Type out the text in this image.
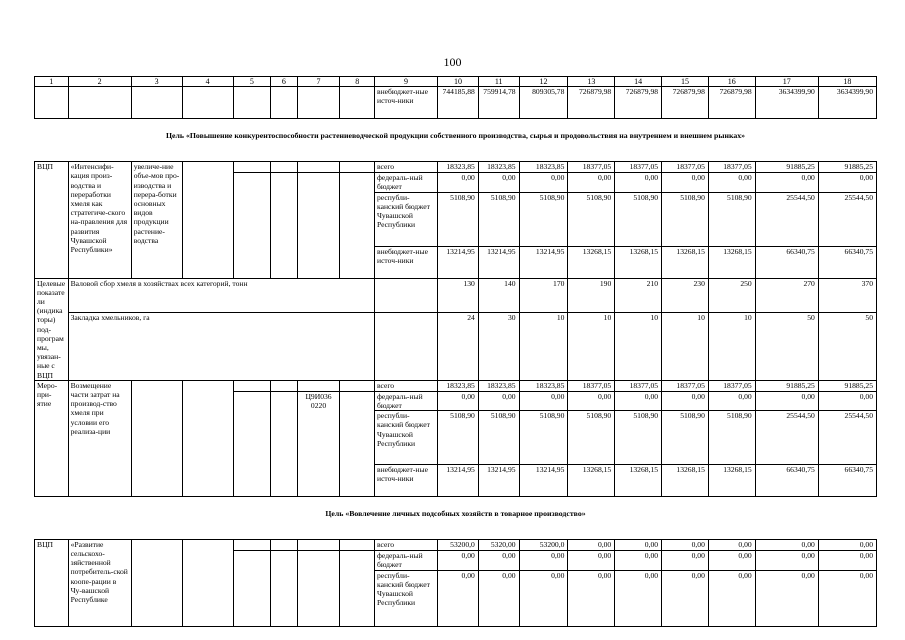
100
1	2	3	4	5	6	7	8	9	10	11	12	13	14	15	16	17	18
								внебюджет-ные источ-ники	744185,88	759914,78	809305,78	726879,98	726879,98	726879,98	726879,98	3634399,90	3634399,90

Цель «Повышение конкурентоспособности растениеводческой продукции собственного производства, сырья и продовольствия на внутреннем и внешнем рынках»																	

ВЦП	«Интенсифи-кация произ-водства и переработки хмеля как стратегиче-ского на-правления для развития Чувашской Республики»	увеличе-ние объе-мов про-изводства и перера-ботки основных видов продукции растение-водства						всего	18323,85	18323,85	18323,85	18377,05	18377,05	18377,05	18377,05	91885,25	91885,25
								федераль-ный бюджет	0,00	0,00	0,00	0,00	0,00	0,00	0,00	0,00	0,00
								республи-канский бюджет Чувашской Республики	5108,90	5108,90	5108,90	5108,90	5108,90	5108,90	5108,90	25544,50	25544,50
								внебюджет-ные источ-ники	13214,95	13214,95	13214,95	13268,15	13268,15	13268,15	13268,15	66340,75	66340,75
Целевые показатели (индикаторы) под-программы, увязан-ные с ВЦП	Валовой сбор хмеля в хозяйствах всех категорий, тонн								130	140	170	190	210	230	250	270	370
	Закладка хмельников, га								24	30	10	10	10	10	10	50	50
Меро-при-ятие	Возмещение части затрат на производ-ство хмеля при условии его реализа-ции							всего	18323,85	18323,85	18323,85	18377,05	18377,05	18377,05	18377,05	91885,25	91885,25
						Ц9И036 0220		федераль-ный бюджет	0,00	0,00	0,00	0,00	0,00	0,00	0,00	0,00	0,00
								республи-канский бюджет Чувашской Республики	5108,90	5108,90	5108,90	5108,90	5108,90	5108,90	5108,90	25544,50	25544,50
								внебюджет-ные источ-ники	13214,95	13214,95	13214,95	13268,15	13268,15	13268,15	13268,15	66340,75	66340,75

Цель «Вовлечение личных подсобных хозяйств в товарное производство»																	

ВЦП	«Развитие сельскохо-зяйственной потребитель-ской коопе-рации в Чу-вашской Республике							всего	53200,0	5320,00	53200,0	0,00	0,00	0,00	0,00	0,00	0,00
								федераль-ный бюджет	0,00	0,00	0,00	0,00	0,00	0,00	0,00	0,00	0,00
								республи-канский бюджет Чувашской Республики	0,00	0,00	0,00	0,00	0,00	0,00	0,00	0,00	0,00
